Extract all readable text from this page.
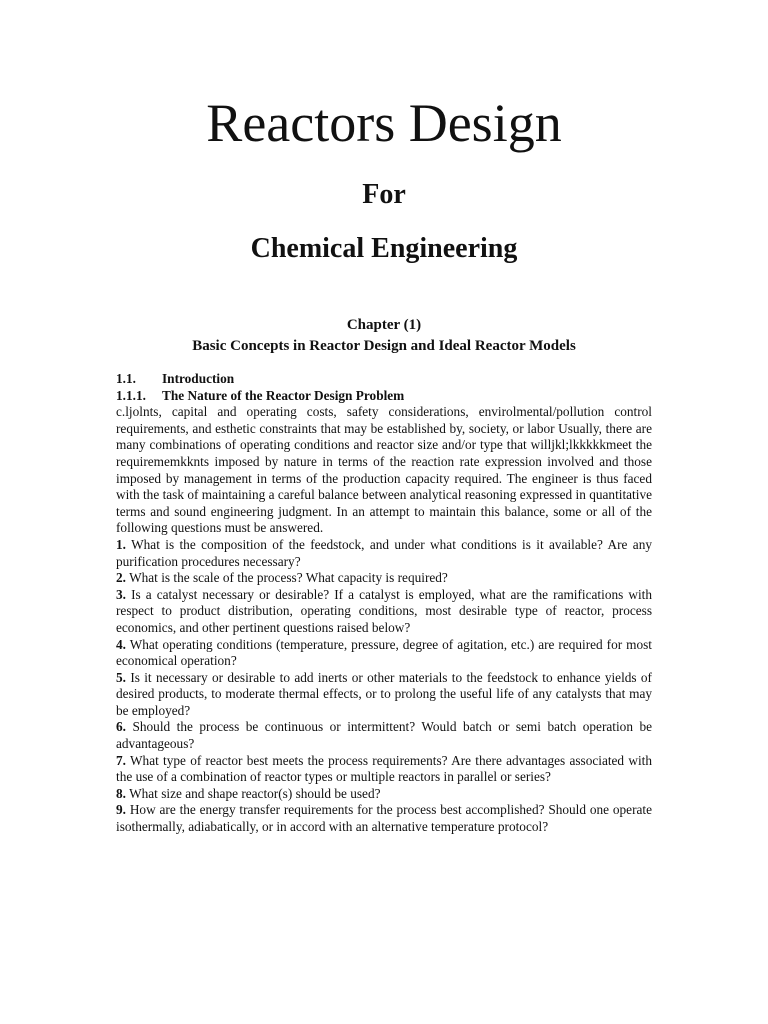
Reactors Design
For
Chemical Engineering
Chapter (1)
Basic Concepts in Reactor Design and Ideal Reactor Models
1.1.	Introduction
1.1.1.	The Nature of the Reactor Design Problem

c.ljolnts, capital and operating costs, safety considerations, envirolmental/pollution control requirements, and esthetic constraints that may be established by, society, or labor Usually, there are many combinations of operating conditions and reactor size and/or type that willjkl;lkkkkkmeet the requirememkknts imposed by nature in terms of the reaction rate expression involved and those imposed by management in terms of the production capacity required. The engineer is thus faced with the task of maintaining a careful balance between analytical reasoning expressed in quantitative terms and sound engineering judgment. In an attempt to maintain this balance, some or all of the following questions must be answered.

1. What is the composition of the feedstock, and under what conditions is it available? Are any purification procedures necessary?

2. What is the scale of the process? What capacity is required?

3. Is a catalyst necessary or desirable? If a catalyst is employed, what are the ramifications with respect to product distribution, operating conditions, most desirable type of reactor, process economics, and other pertinent questions raised below?

4. What operating conditions (temperature, pressure, degree of agitation, etc.) are required for most economical operation?

5. Is it necessary or desirable to add inerts or other materials to the feedstock to enhance yields of desired products, to moderate thermal effects, or to prolong the useful life of any catalysts that may be employed?

6. Should the process be continuous or intermittent? Would batch or semi batch operation be advantageous?

7. What type of reactor best meets the process requirements? Are there advantages associated with the use of a combination of reactor types or multiple reactors in parallel or series?

8. What size and shape reactor(s) should be used?

9. How are the energy transfer requirements for the process best accomplished? Should one operate isothermally, adiabatically, or in accord with an alternative temperature protocol?
